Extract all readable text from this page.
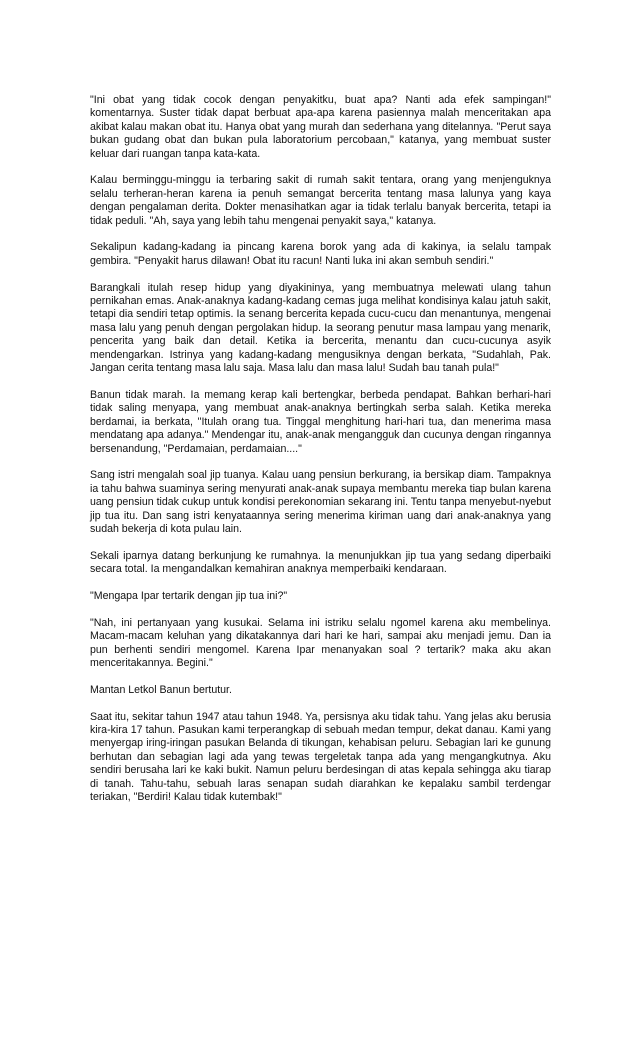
"Ini obat yang tidak cocok dengan penyakitku, buat apa? Nanti ada efek sampingan!" komentarnya. Suster tidak dapat berbuat apa-apa karena pasiennya malah menceritakan apa akibat kalau makan obat itu. Hanya obat yang murah dan sederhana yang ditelannya. "Perut saya bukan gudang obat dan bukan pula laboratorium percobaan," katanya, yang membuat suster keluar dari ruangan tanpa kata-kata.

Kalau berminggu-minggu ia terbaring sakit di rumah sakit tentara, orang yang menjenguknya selalu terheran-heran karena ia penuh semangat bercerita tentang masa lalunya yang kaya dengan pengalaman derita. Dokter menasihatkan agar ia tidak terlalu banyak bercerita, tetapi ia tidak peduli. "Ah, saya yang lebih tahu mengenai penyakit saya," katanya.

Sekalipun kadang-kadang ia pincang karena borok yang ada di kakinya, ia selalu tampak gembira. "Penyakit harus dilawan! Obat itu racun! Nanti luka ini akan sembuh sendiri."

Barangkali itulah resep hidup yang diyakininya, yang membuatnya melewati ulang tahun pernikahan emas. Anak-anaknya kadang-kadang cemas juga melihat kondisinya kalau jatuh sakit, tetapi dia sendiri tetap optimis. Ia senang bercerita kepada cucu-cucu dan menantunya, mengenai masa lalu yang penuh dengan pergolakan hidup. Ia seorang penutur masa lampau yang menarik, pencerita yang baik dan detail. Ketika ia bercerita, menantu dan cucu-cucunya asyik mendengarkan. Istrinya yang kadang-kadang mengusiknya dengan berkata, "Sudahlah, Pak. Jangan cerita tentang masa lalu saja. Masa lalu dan masa lalu! Sudah bau tanah pula!"

Banun tidak marah. Ia memang kerap kali bertengkar, berbeda pendapat. Bahkan berhari-hari tidak saling menyapa, yang membuat anak-anaknya bertingkah serba salah. Ketika mereka berdamai, ia berkata, "Itulah orang tua. Tinggal menghitung hari-hari tua, dan menerima masa mendatang apa adanya." Mendengar itu, anak-anak mengangguk dan cucunya dengan ringannya bersenandung, "Perdamaian, perdamaian...."

Sang istri mengalah soal jip tuanya. Kalau uang pensiun berkurang, ia bersikap diam. Tampaknya ia tahu bahwa suaminya sering menyurati anak-anak supaya membantu mereka tiap bulan karena uang pensiun tidak cukup untuk kondisi perekonomian sekarang ini. Tentu tanpa menyebut-nyebut jip tua itu. Dan sang istri kenyataannya sering menerima kiriman uang dari anak-anaknya yang sudah bekerja di kota pulau lain.

Sekali iparnya datang berkunjung ke rumahnya. Ia menunjukkan jip tua yang sedang diperbaiki secara total. Ia mengandalkan kemahiran anaknya memperbaiki kendaraan.

"Mengapa Ipar tertarik dengan jip tua ini?"

"Nah, ini pertanyaan yang kusukai. Selama ini istriku selalu ngomel karena aku membelinya. Macam-macam keluhan yang dikatakannya dari hari ke hari, sampai aku menjadi jemu. Dan ia pun berhenti sendiri mengomel. Karena Ipar menanyakan soal ? tertarik? maka aku akan menceritakannya. Begini."

Mantan Letkol Banun bertutur.

Saat itu, sekitar tahun 1947 atau tahun 1948. Ya, persisnya aku tidak tahu. Yang jelas aku berusia kira-kira 17 tahun. Pasukan kami terperangkap di sebuah medan tempur, dekat danau. Kami yang menyergap iring-iringan pasukan Belanda di tikungan, kehabisan peluru. Sebagian lari ke gunung berhutan dan sebagian lagi ada yang tewas tergeletak tanpa ada yang mengangkutnya. Aku sendiri berusaha lari ke kaki bukit. Namun peluru berdesingan di atas kepala sehingga aku tiarap di tanah. Tahu-tahu, sebuah laras senapan sudah diarahkan ke kepalaku sambil terdengar teriakan, "Berdiri! Kalau tidak kutembak!"
